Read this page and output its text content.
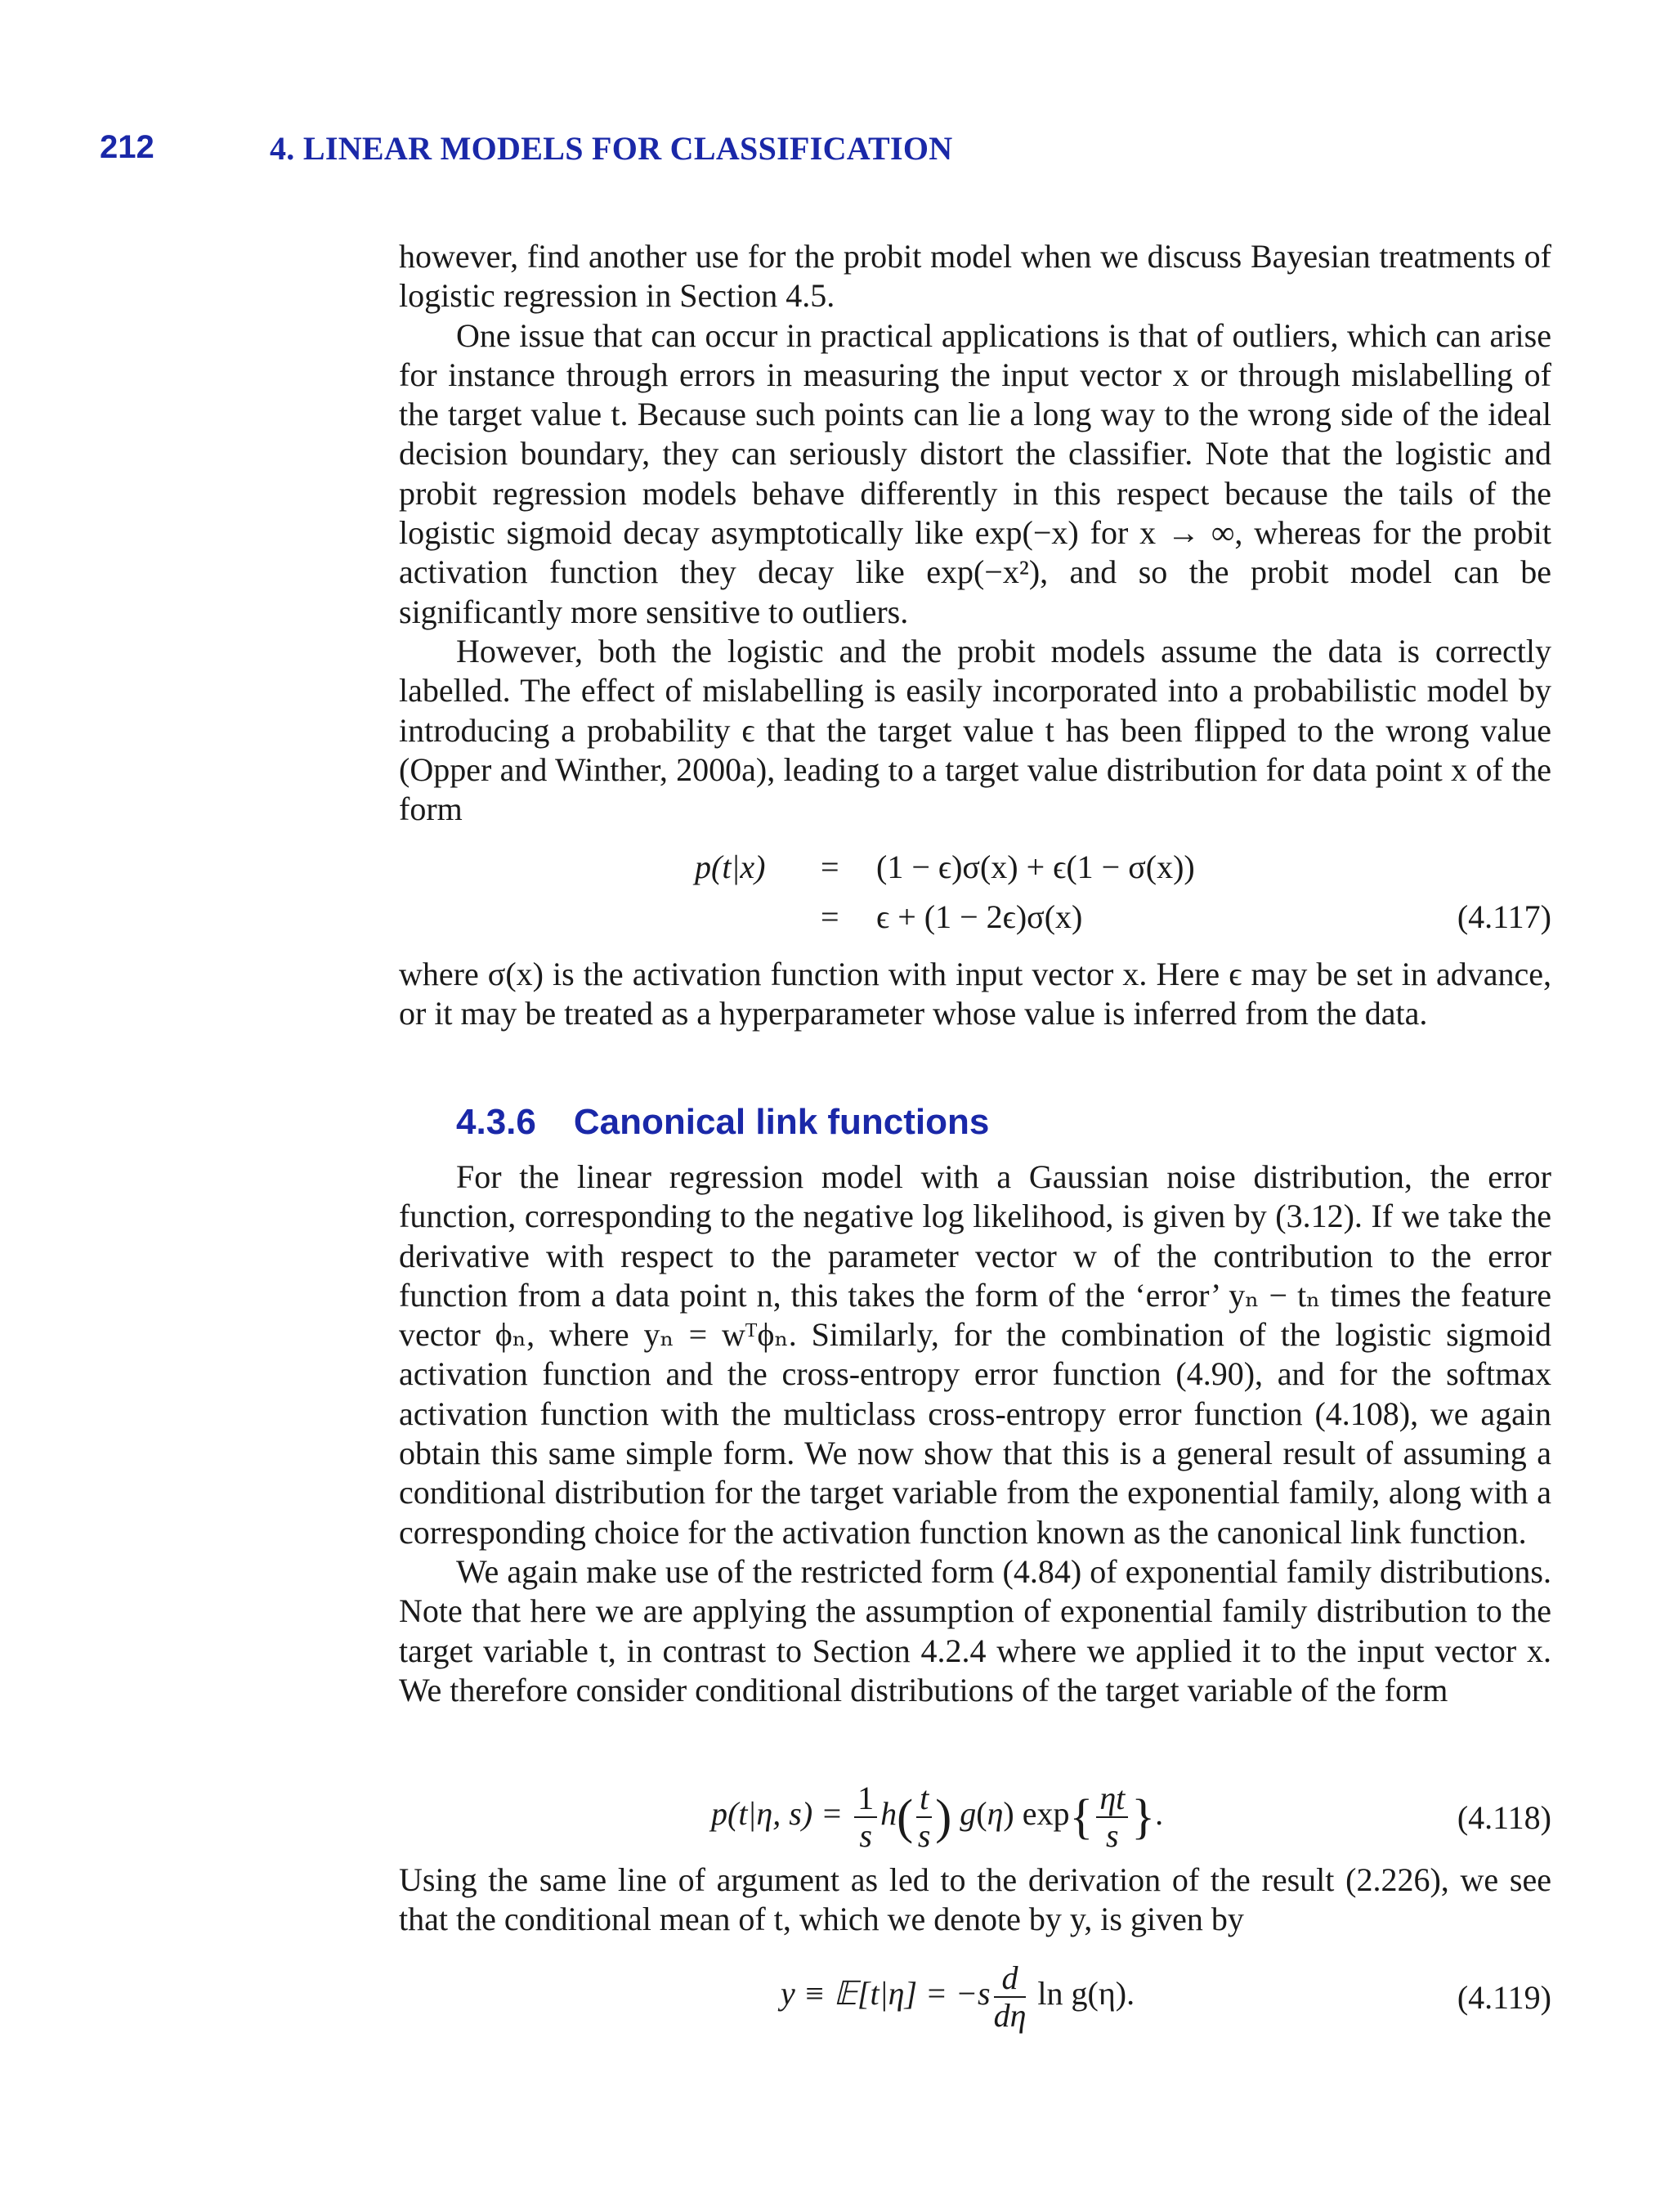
212	4. LINEAR MODELS FOR CLASSIFICATION

however, find another use for the probit model when we discuss Bayesian treatments of logistic regression in Section 4.5.

One issue that can occur in practical applications is that of outliers, which can arise for instance through errors in measuring the input vector x or through mislabelling of the target value t. Because such points can lie a long way to the wrong side of the ideal decision boundary, they can seriously distort the classifier. Note that the logistic and probit regression models behave differently in this respect because the tails of the logistic sigmoid decay asymptotically like exp(−x) for x → ∞, whereas for the probit activation function they decay like exp(−x²), and so the probit model can be significantly more sensitive to outliers.

However, both the logistic and the probit models assume the data is correctly labelled. The effect of mislabelling is easily incorporated into a probabilistic model by introducing a probability ϵ that the target value t has been flipped to the wrong value (Opper and Winther, 2000a), leading to a target value distribution for data point x of the form

p(t|x) = (1 − ϵ)σ(x) + ϵ(1 − σ(x))
= ϵ + (1 − 2ϵ)σ(x)	(4.117)

where σ(x) is the activation function with input vector x. Here ϵ may be set in advance, or it may be treated as a hyperparameter whose value is inferred from the data.

4.3.6 Canonical link functions

For the linear regression model with a Gaussian noise distribution, the error function, corresponding to the negative log likelihood, is given by (3.12). If we take the derivative with respect to the parameter vector w of the contribution to the error function from a data point n, this takes the form of the ‘error’ yₙ − tₙ times the feature vector ϕₙ, where yₙ = wᵀϕₙ. Similarly, for the combination of the logistic sigmoid activation function and the cross-entropy error function (4.90), and for the softmax activation function with the multiclass cross-entropy error function (4.108), we again obtain this same simple form. We now show that this is a general result of assuming a conditional distribution for the target variable from the exponential family, along with a corresponding choice for the activation function known as the canonical link function.

We again make use of the restricted form (4.84) of exponential family distributions. Note that here we are applying the assumption of exponential family distribution to the target variable t, in contrast to Section 4.2.4 where we applied it to the input vector x. We therefore consider conditional distributions of the target variable of the form

p(t|η, $s) = \frac{1}{s} h( \frac{t}{s}$ ) g(η) $\exp\{ \frac{\eta t}{s}$ }.	(4.118)

Using the same line of argument as led to the derivation of the result (2.226), we see that the conditional mean of t, which we denote by y, is given by

y ≡ 𝔼[t|η] = $-s \frac{d}{d\eta}$ ln g(η).	(4.119)
